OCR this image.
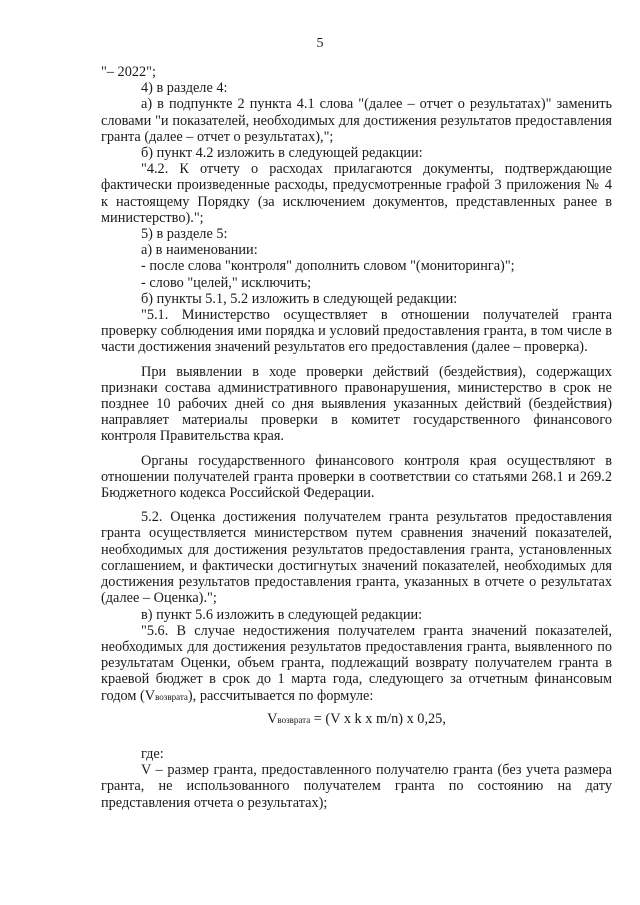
5

"– 2022";

4) в разделе 4:

а) в подпункте 2 пункта 4.1 слова "(далее – отчет о результатах)" заменить словами "и показателей, необходимых для достижения результатов предоставления гранта (далее – отчет о результатах),";

б) пункт 4.2 изложить в следующей редакции:

"4.2. К отчету о расходах прилагаются документы, подтверждающие фактически произведенные расходы, предусмотренные графой 3 приложения № 4 к настоящему Порядку (за исключением документов, представленных ранее в министерство).";

5) в разделе 5:

а) в наименовании:

- после слова "контроля" дополнить словом "(мониторинга)";

- слово "целей," исключить;

б) пункты 5.1, 5.2 изложить в следующей редакции:

"5.1. Министерство осуществляет в отношении получателей гранта проверку соблюдения ими порядка и условий предоставления гранта, в том числе в части достижения значений результатов его предоставления (далее – проверка).

При выявлении в ходе проверки действий (бездействия), содержащих признаки состава административного правонарушения, министерство в срок не позднее 10 рабочих дней со дня выявления указанных действий (бездействия) направляет материалы проверки в комитет государственного финансового контроля Правительства края.

Органы государственного финансового контроля края осуществляют в отношении получателей гранта проверки в соответствии со статьями 268.1 и 269.2 Бюджетного кодекса Российской Федерации.

5.2. Оценка достижения получателем гранта результатов предоставления гранта осуществляется министерством путем сравнения значений показателей, необходимых для достижения результатов предоставления гранта, установленных соглашением, и фактически достигнутых значений показателей, необходимых для достижения результатов предоставления гранта, указанных в отчете о результатах (далее – Оценка).";

в) пункт 5.6 изложить в следующей редакции:

"5.6. В случае недостижения получателем гранта значений показателей, необходимых для достижения результатов предоставления гранта, выявленного по результатам Оценки, объем гранта, подлежащий возврату получателем гранта в краевой бюджет в срок до 1 марта года, следующего за отчетным финансовым годом (Vвозврата), рассчитывается по формуле:

Vвозврата = (V x k x m/n) x 0,25,

где:

V – размер гранта, предоставленного получателю гранта (без учета размера гранта, не использованного получателем гранта по состоянию на дату представления отчета о результатах);
